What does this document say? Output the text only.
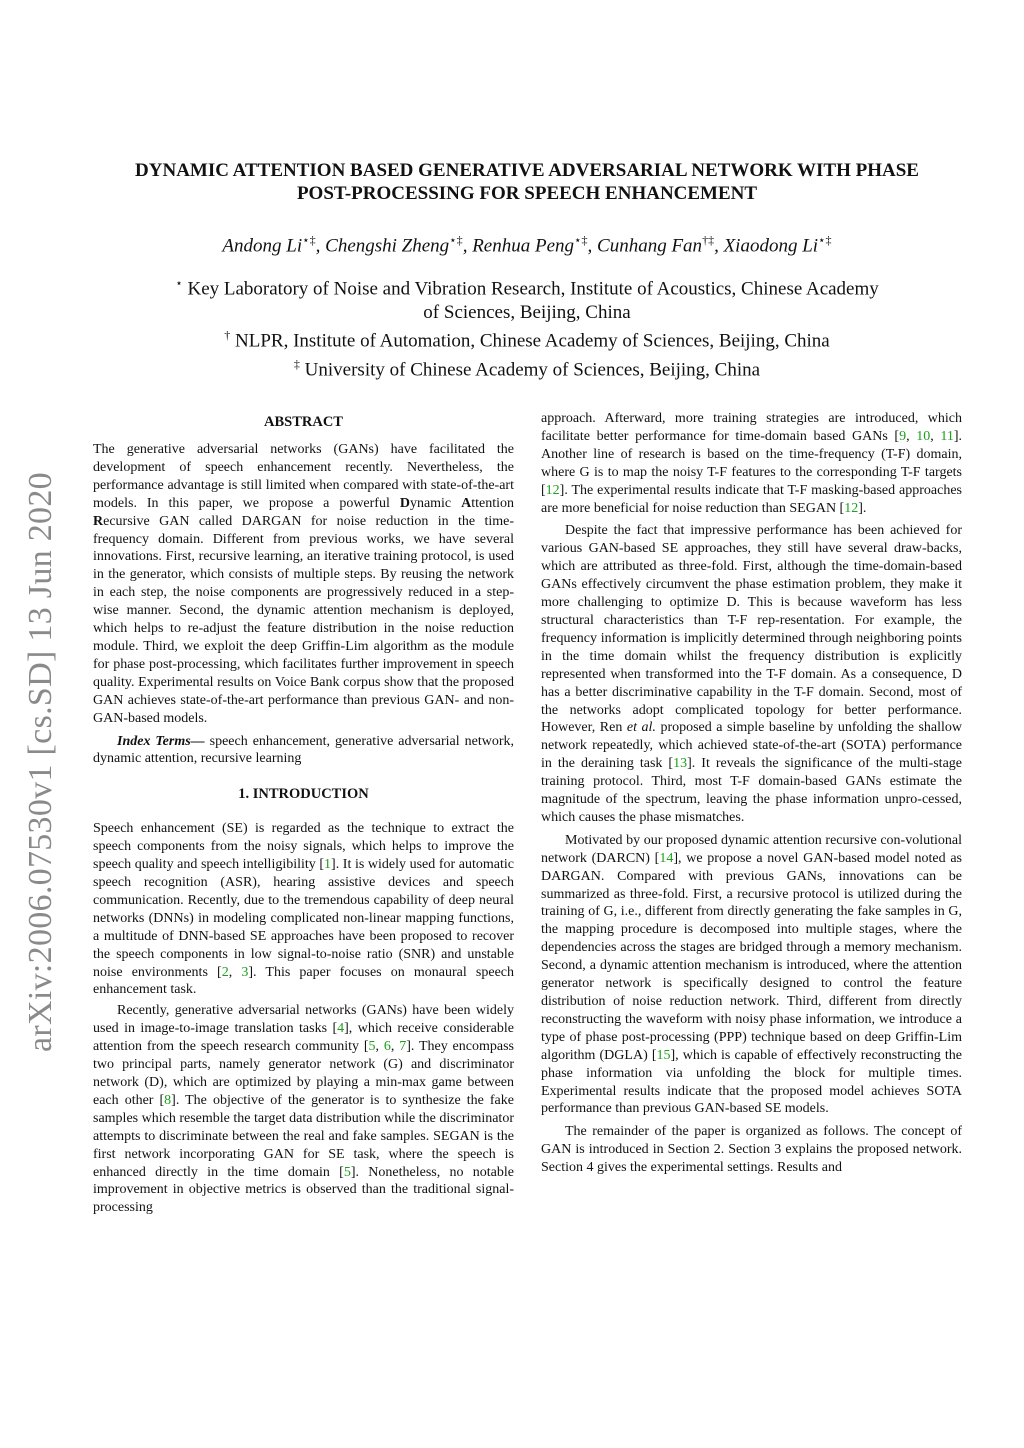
arXiv:2006.07530v1 [cs.SD] 13 Jun 2020
DYNAMIC ATTENTION BASED GENERATIVE ADVERSARIAL NETWORK WITH PHASE
POST-PROCESSING FOR SPEECH ENHANCEMENT
Andong Li⋆‡, Chengshi Zheng⋆‡, Renhua Peng⋆‡, Cunhang Fan†‡, Xiaodong Li⋆‡
⋆ Key Laboratory of Noise and Vibration Research, Institute of Acoustics, Chinese Academy
of Sciences, Beijing, China
† NLPR, Institute of Automation, Chinese Academy of Sciences, Beijing, China
‡ University of Chinese Academy of Sciences, Beijing, China
ABSTRACT

The generative adversarial networks (GANs) have facilitated the development of speech enhancement recently. Nevertheless, the performance advantage is still limited when compared with state-of-the-art models. In this paper, we propose a powerful Dynamic Attention Recursive GAN called DARGAN for noise reduction in the time-frequency domain. Different from previous works, we have several innovations. First, recursive learning, an iterative training protocol, is used in the generator, which consists of multiple steps. By reusing the network in each step, the noise components are progressively reduced in a step-wise manner. Second, the dynamic attention mechanism is deployed, which helps to re-adjust the feature distribution in the noise reduction module. Third, we exploit the deep Griffin-Lim algorithm as the module for phase post-processing, which facilitates further improvement in speech quality. Experimental results on Voice Bank corpus show that the proposed GAN achieves state-of-the-art performance than previous GAN- and non-GAN-based models.

Index Terms— speech enhancement, generative adversarial network, dynamic attention, recursive learning

1. INTRODUCTION

Speech enhancement (SE) is regarded as the technique to extract the speech components from the noisy signals, which helps to improve the speech quality and speech intelligibility [1]. It is widely used for automatic speech recognition (ASR), hearing assistive devices and speech communication. Recently, due to the tremendous capability of deep neural networks (DNNs) in modeling complicated non-linear mapping functions, a multitude of DNN-based SE approaches have been proposed to recover the speech components in low signal-to-noise ratio (SNR) and unstable noise environments [2, 3]. This paper focuses on monaural speech enhancement task.

Recently, generative adversarial networks (GANs) have been widely used in image-to-image translation tasks [4], which receive considerable attention from the speech research community [5, 6, 7]. They encompass two principal parts, namely generator network (G) and discriminator network (D), which are optimized by playing a min-max game between each other [8]. The objective of the generator is to synthesize the fake samples which resemble the target data distribution while the discriminator attempts to discriminate between the real and fake samples. SEGAN is the first network incorporating GAN for SE task, where the speech is enhanced directly in the time domain [5]. Nonetheless, no notable improvement in objective metrics is observed than the traditional signal-processing

approach. Afterward, more training strategies are introduced, which facilitate better performance for time-domain based GANs [9, 10, 11]. Another line of research is based on the time-frequency (T-F) domain, where G is to map the noisy T-F features to the corresponding T-F targets [12]. The experimental results indicate that T-F masking-based approaches are more beneficial for noise reduction than SEGAN [12].

Despite the fact that impressive performance has been achieved for various GAN-based SE approaches, they still have several draw-backs, which are attributed as three-fold. First, although the time-domain-based GANs effectively circumvent the phase estimation problem, they make it more challenging to optimize D. This is because waveform has less structural characteristics than T-F rep-resentation. For example, the frequency information is implicitly determined through neighboring points in the time domain whilst the frequency distribution is explicitly represented when transformed into the T-F domain. As a consequence, D has a better discriminative capability in the T-F domain. Second, most of the networks adopt complicated topology for better performance. However, Ren et al. proposed a simple baseline by unfolding the shallow network repeatedly, which achieved state-of-the-art (SOTA) performance in the deraining task [13]. It reveals the significance of the multi-stage training protocol. Third, most T-F domain-based GANs estimate the magnitude of the spectrum, leaving the phase information unpro-cessed, which causes the phase mismatches.

Motivated by our proposed dynamic attention recursive con-volutional network (DARCN) [14], we propose a novel GAN-based model noted as DARGAN. Compared with previous GANs, innovations can be summarized as three-fold. First, a recursive protocol is utilized during the training of G, i.e., different from directly generating the fake samples in G, the mapping procedure is decomposed into multiple stages, where the dependencies across the stages are bridged through a memory mechanism. Second, a dynamic attention mechanism is introduced, where the attention generator network is specifically designed to control the feature distribution of noise reduction network. Third, different from directly reconstructing the waveform with noisy phase information, we introduce a type of phase post-processing (PPP) technique based on deep Griffin-Lim algorithm (DGLA) [15], which is capable of effectively reconstructing the phase information via unfolding the block for multiple times. Experimental results indicate that the proposed model achieves SOTA performance than previous GAN-based SE models.

The remainder of the paper is organized as follows. The concept of GAN is introduced in Section 2. Section 3 explains the proposed network. Section 4 gives the experimental settings. Results and
